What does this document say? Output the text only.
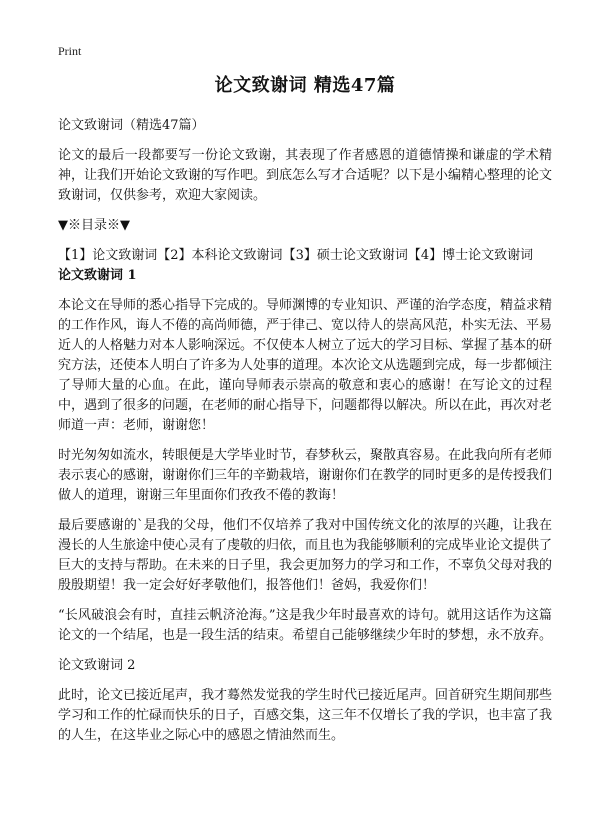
Print
论文致谢词 精选47篇
论文致谢词（精选47篇）

论文的最后一段都要写一份论文致谢，其表现了作者感恩的道德情操和谦虚的学术精神，让我们开始论文致谢的写作吧。到底怎么写才合适呢？以下是小编精心整理的论文致谢词，仅供参考，欢迎大家阅读。

▼※目录※▼
【1】论文致谢词【2】本科论文致谢词【3】硕士论文致谢词【4】博士论文致谢词
论文致谢词 1

本论文在导师的悉心指导下完成的。导师渊博的专业知识、严谨的治学态度，精益求精的工作作风，诲人不倦的高尚师德，严于律己、宽以待人的崇高风范，朴实无法、平易近人的人格魅力对本人影响深远。不仅使本人树立了远大的学习目标、掌握了基本的研究方法，还使本人明白了许多为人处事的道理。本次论文从选题到完成，每一步都倾注了导师大量的心血。在此，谨向导师表示崇高的敬意和衷心的感谢！在写论文的过程中，遇到了很多的问题，在老师的耐心指导下，问题都得以解决。所以在此，再次对老师道一声：老师，谢谢您！

时光匆匆如流水，转眼便是大学毕业时节，春梦秋云，聚散真容易。在此我向所有老师表示衷心的感谢，谢谢你们三年的辛勤栽培，谢谢你们在教学的同时更多的是传授我们做人的道理，谢谢三年里面你们孜孜不倦的教诲！

最后要感谢的`是我的父母，他们不仅培养了我对中国传统文化的浓厚的兴趣，让我在漫长的人生旅途中使心灵有了虔敬的归依，而且也为我能够顺利的完成毕业论文提供了巨大的支持与帮助。在未来的日子里，我会更加努力的学习和工作，不辜负父母对我的殷殷期望！我一定会好好孝敬他们，报答他们！爸妈，我爱你们！

“长风破浪会有时，直挂云帆济沧海。”这是我少年时最喜欢的诗句。就用这话作为这篇论文的一个结尾，也是一段生活的结束。希望自己能够继续少年时的梦想，永不放弃。

论文致谢词 2

此时，论文已接近尾声，我才蓦然发觉我的学生时代已接近尾声。回首研究生期间那些学习和工作的忙碌而快乐的日子，百感交集，这三年不仅增长了我的学识，也丰富了我的人生，在这毕业之际心中的感恩之情油然而生。
